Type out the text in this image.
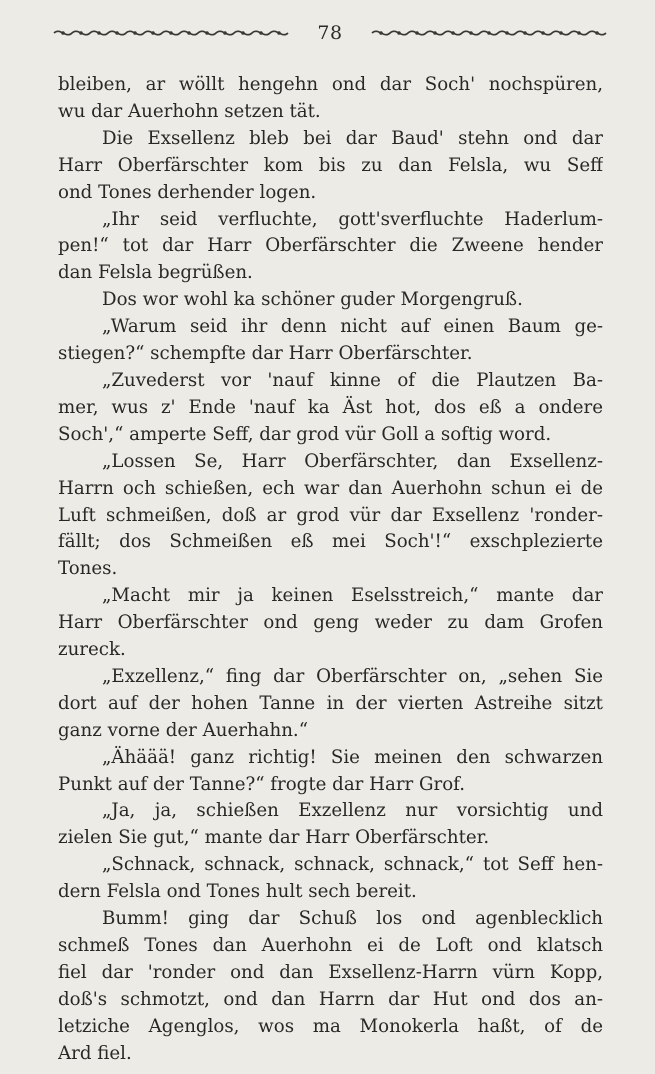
78

bleiben, ar wöllt hengehn ond dar Soch' nochspüren,

wu dar Auerhohn setzen tät.

Die Exsellenz bleb bei dar Baud' stehn ond dar

Harr Oberfärschter kom bis zu dan Felsla, wu Seff

ond Tones derhender logen.

„Ihr seid verfluchte, gott'sverfluchte Haderlum-

pen!“ tot dar Harr Oberfärschter die Zweene hender

dan Felsla begrüßen.

Dos wor wohl ka schöner guder Morgengruß.

„Warum seid ihr denn nicht auf einen Baum ge-

stiegen?“ schempfte dar Harr Oberfärschter.

„Zuvederst vor 'nauf kinne of die Plautzen Ba-

mer, wus z' Ende 'nauf ka Äst hot, dos eß a ondere

Soch',“ amperte Seff, dar grod vür Goll a softig word.

„Lossen Se, Harr Oberfärschter, dan Exsellenz-

Harrn och schießen, ech war dan Auerhohn schun ei de

Luft schmeißen, doß ar grod vür dar Exsellenz 'ronder-

fällt; dos Schmeißen eß mei Soch'!“ exschplezierte

Tones.

„Macht mir ja keinen Eselsstreich,“ mante dar

Harr Oberfärschter ond geng weder zu dam Grofen

zureck.

„Exzellenz,“ fing dar Oberfärschter on, „sehen Sie

dort auf der hohen Tanne in der vierten Astreihe sitzt

ganz vorne der Auerhahn.“

„Ähäää! ganz richtig! Sie meinen den schwarzen

Punkt auf der Tanne?“ frogte dar Harr Grof.

„Ja, ja, schießen Exzellenz nur vorsichtig und

zielen Sie gut,“ mante dar Harr Oberfärschter.

„Schnack, schnack, schnack, schnack,“ tot Seff hen-

dern Felsla ond Tones hult sech bereit.

Bumm! ging dar Schuß los ond agenblecklich

schmeß Tones dan Auerhohn ei de Loft ond klatsch

fiel dar 'ronder ond dan Exsellenz-Harrn vürn Kopp,

doß's schmotzt, ond dan Harrn dar Hut ond dos an-

letziche Agenglos, wos ma Monokerla haßt, of de

Ard fiel.
